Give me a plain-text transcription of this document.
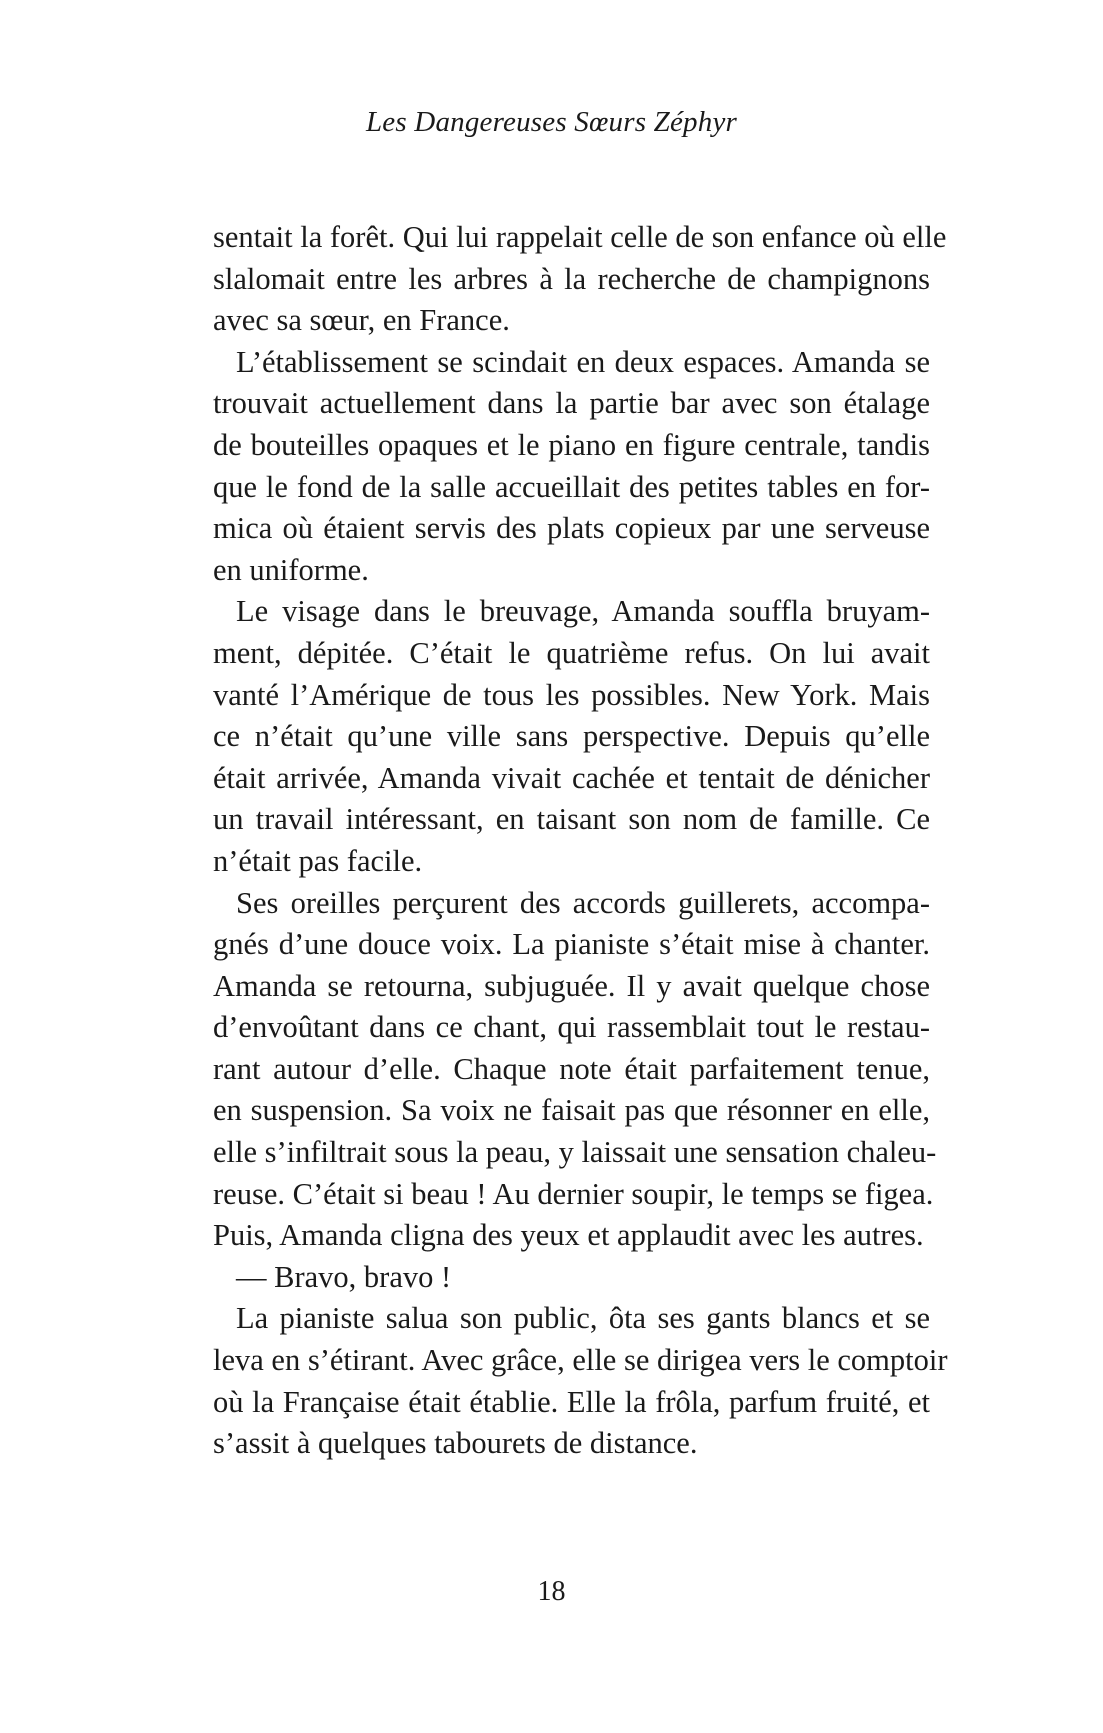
Les Dangereuses Sœurs Zéphyr
sentait la forêt. Qui lui rappelait celle de son enfance où elle
slalomait entre les arbres à la recherche de champignons
avec sa sœur, en France.
L’établissement se scindait en deux espaces. Amanda se
trouvait actuellement dans la partie bar avec son étalage
de bouteilles opaques et le piano en figure centrale, tandis
que le fond de la salle accueillait des petites tables en for-
mica où étaient servis des plats copieux par une serveuse
en uniforme.
Le visage dans le breuvage, Amanda souffla bruyam-
ment, dépitée. C’était le quatrième refus. On lui avait
vanté l’Amérique de tous les possibles. New York. Mais
ce n’était qu’une ville sans perspective. Depuis qu’elle
était arrivée, Amanda vivait cachée et tentait de dénicher
un travail intéressant, en taisant son nom de famille. Ce
n’était pas facile.
Ses oreilles perçurent des accords guillerets, accompa-
gnés d’une douce voix. La pianiste s’était mise à chanter.
Amanda se retourna, subjuguée. Il y avait quelque chose
d’envoûtant dans ce chant, qui rassemblait tout le restau-
rant autour d’elle. Chaque note était parfaitement tenue,
en suspension. Sa voix ne faisait pas que résonner en elle,
elle s’infiltrait sous la peau, y laissait une sensation chaleu-
reuse. C’était si beau ! Au dernier soupir, le temps se figea.
Puis, Amanda cligna des yeux et applaudit avec les autres.
— Bravo, bravo !
La pianiste salua son public, ôta ses gants blancs et se
leva en s’étirant. Avec grâce, elle se dirigea vers le comptoir
où la Française était établie. Elle la frôla, parfum fruité, et
s’assit à quelques tabourets de distance.
18
